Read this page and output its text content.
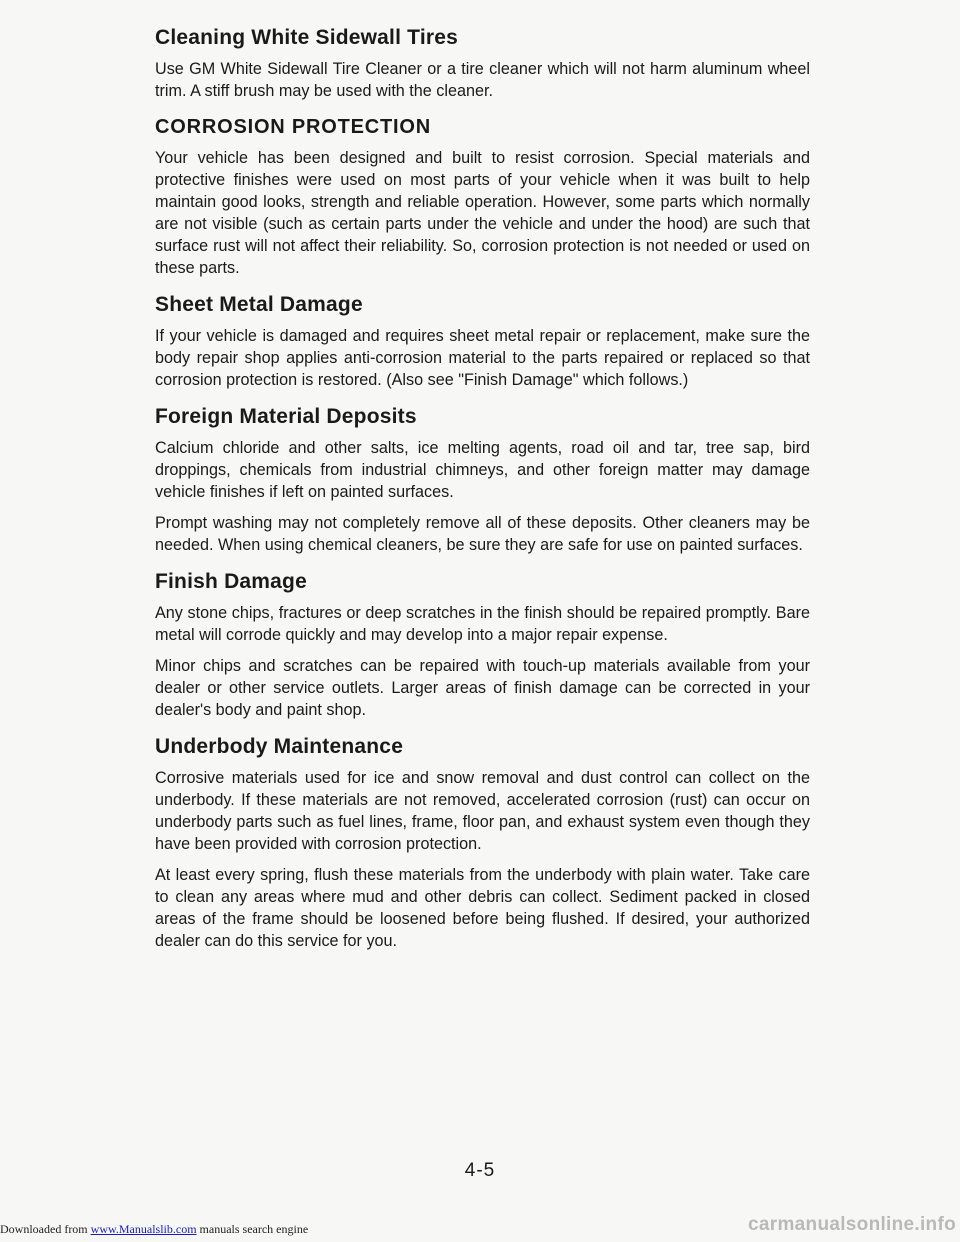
Cleaning White Sidewall Tires

Use GM White Sidewall Tire Cleaner or a tire cleaner which will not harm aluminum wheel trim. A stiff brush may be used with the cleaner.

CORROSION PROTECTION

Your vehicle has been designed and built to resist corrosion. Special materials and protective finishes were used on most parts of your vehicle when it was built to help maintain good looks, strength and reliable operation. However, some parts which normally are not visible (such as certain parts under the vehicle and under the hood) are such that surface rust will not affect their reliability. So, corrosion protection is not needed or used on these parts.

Sheet Metal Damage

If your vehicle is damaged and requires sheet metal repair or replacement, make sure the body repair shop applies anti-corrosion material to the parts repaired or replaced so that corrosion protection is restored. (Also see "Finish Damage" which follows.)

Foreign Material Deposits

Calcium chloride and other salts, ice melting agents, road oil and tar, tree sap, bird droppings, chemicals from industrial chimneys, and other foreign matter may damage vehicle finishes if left on painted surfaces.

Prompt washing may not completely remove all of these deposits. Other cleaners may be needed. When using chemical cleaners, be sure they are safe for use on painted surfaces.

Finish Damage

Any stone chips, fractures or deep scratches in the finish should be repaired promptly. Bare metal will corrode quickly and may develop into a major repair expense.

Minor chips and scratches can be repaired with touch-up materials available from your dealer or other service outlets. Larger areas of finish damage can be corrected in your dealer's body and paint shop.

Underbody Maintenance

Corrosive materials used for ice and snow removal and dust control can collect on the underbody. If these materials are not removed, accelerated corrosion (rust) can occur on underbody parts such as fuel lines, frame, floor pan, and exhaust system even though they have been provided with corrosion protection.

At least every spring, flush these materials from the underbody with plain water. Take care to clean any areas where mud and other debris can collect. Sediment packed in closed areas of the frame should be loosened before being flushed. If desired, your authorized dealer can do this service for you.

4-5
Downloaded from www.Manualslib.com manuals search engine	carmanualsonline.info
